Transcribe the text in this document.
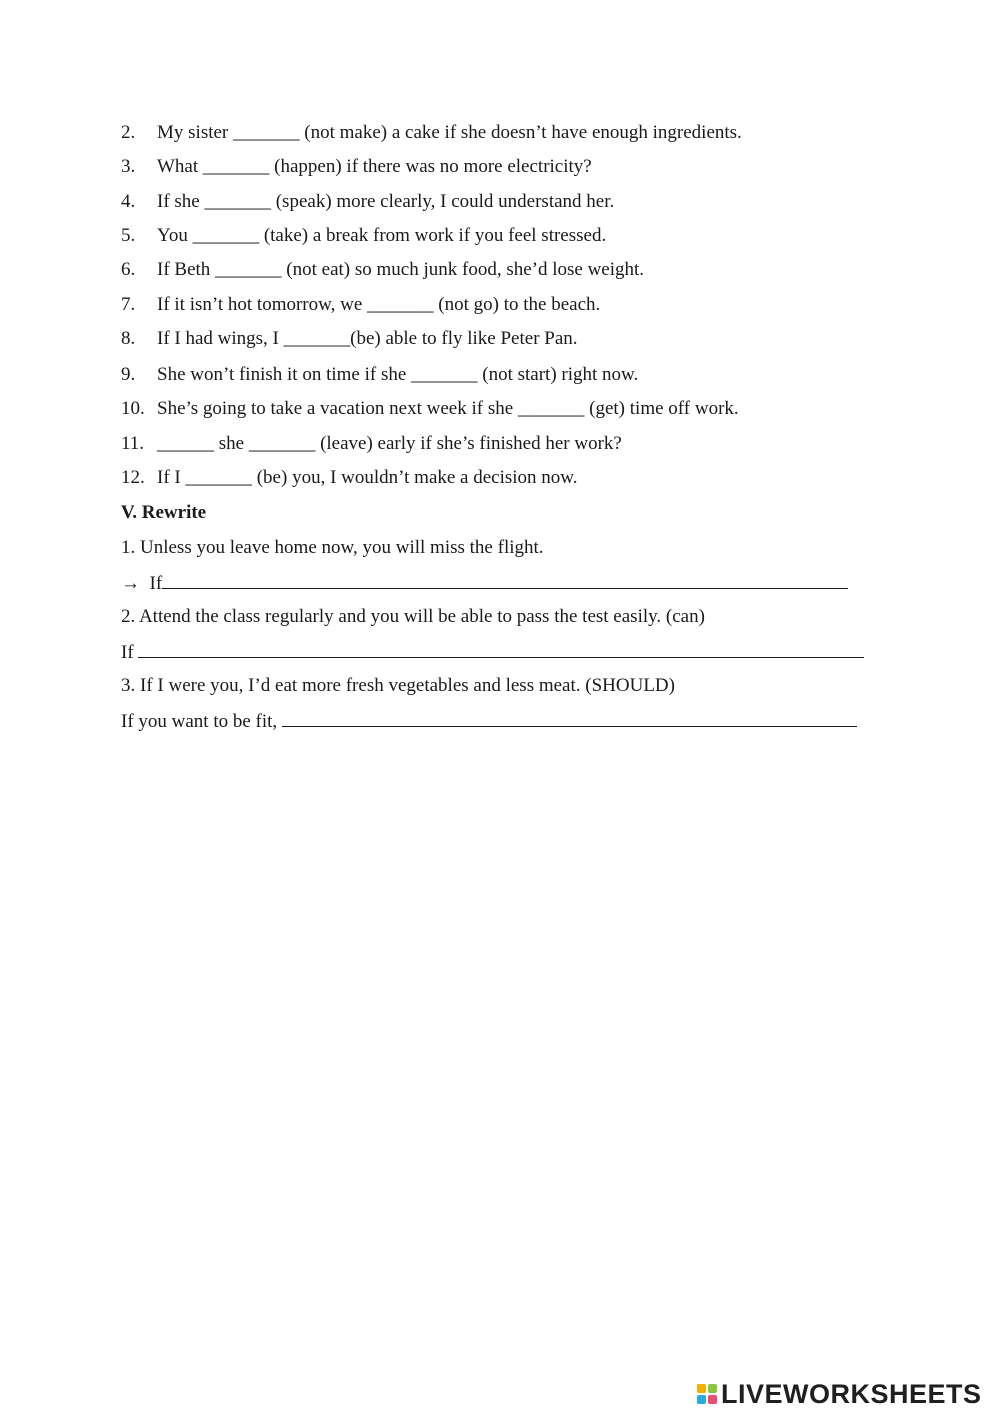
2. My sister _______ (not make) a cake if she doesn’t have enough ingredients.
3. What _______ (happen) if there was no more electricity?
4. If she _______ (speak) more clearly, I could understand her.
5. You _______ (take) a break from work if you feel stressed.
6. If Beth _______ (not eat) so much junk food, she’d lose weight.
7. If it isn’t hot tomorrow, we _______ (not go) to the beach.
8. If I had wings, I _______(be) able to fly like Peter Pan.
9. She won’t finish it on time if she _______ (not start) right now.
10. She’s going to take a vacation next week if she _______ (get) time off work.
11. ______ she _______ (leave) early if she’s finished her work?
12. If I _______ (be) you, I wouldn’t make a decision now.
V. Rewrite
1. Unless you leave home now, you will miss the flight.
→  If
2. Attend the class regularly and you will be able to pass the test easily. (can)
If
3. If I were you, I’d eat more fresh vegetables and less meat. (SHOULD)
If you want to be fit,
LIVEWORKSHEETS
